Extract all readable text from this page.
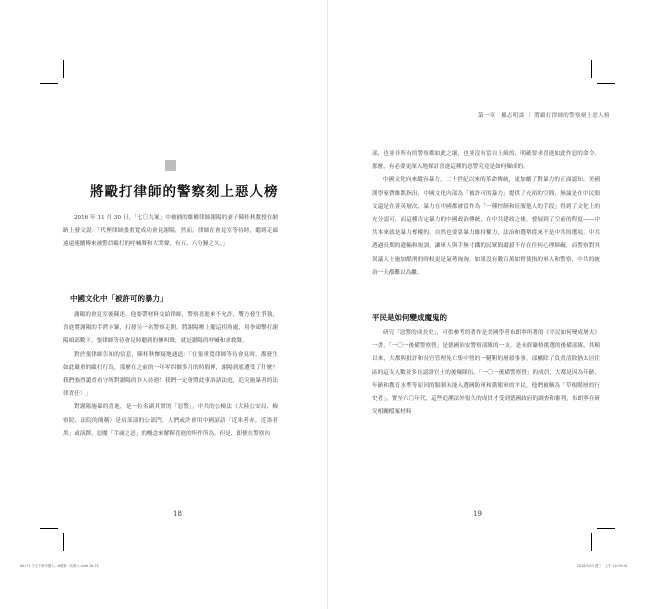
將毆打律師的警察刻上惡人榜

2016 年 11 月 30 日，「七〇九案」中被捕的維權律師謝陽的妻子陳桂秋教授在網路上發文說：「代理律師張重寬成功會見謝陽，然而，律師在會見室等待時，聽到走廊遠遠連續傳來被警員毆打的呼喊聲和大哭聲，有五、六分鐘之久。」

中國文化中「被許可的暴力」

謝陽的會見室後陳述，他要帶材料交給律師，警察喜進來不允許，雙方發生爭執，喜進將謝陽的手銬卡緊，打發另一名警察走開，將謝陽壓上擺這拐角處，用拳頭擊打謝陽頭部數下。張律師等待會見時聽到的慘叫聲，就是謝陽的呼喊和求救聲。

對於張律師告知的信息，陳桂秋懷疑地通道：「在張重寬律師等待會見時，都發生如此嚴重的毆打行為，那麼在之前的一年零四個多月的時間裡，謝陽到底遭受了什麼？我們強烈譴責看守所對謝陽的非人待遇！我們一定會將此事訴諸法庭，追究施暴者的法律責任！」

對謝陽施暴的喜進，是一位名副其實的「惡警」。中共的公檢法（大陸公安局、檢察院、法院的簡稱）是肩部部的公部門，人們或許會用中國諺語「近朱者赤，近墨者黑」或演繹、惡魔「手庸之惡」的概念來解釋喜進的所作所為。但是，即便在警察內

18
第一章　羅志明談 ｜ 將毆打律師的警察刻上惡人榜

部，也並非所有的警察都如此之壞，也並沒有當自上級的、明確要求喜進如此作惡的命令。那麼，有必要更深入地探討喜進這種的惡警究竟是如何煉成的。

中國文化向來縱容暴力，二十世紀以來的革命傳統，更加劇了對暴力的正面認知。美國漢學家費維凱指出，中國文化內部為「被許可的暴力」提供了充裕的空間，無論是在中民間文還是在菁英層次，暴力在中國都被當作為「一種控制和征服他人的手段」得到了文化上的充分認可，而這種否定暴力的中國政治傳統，在中共建政之後，發展到了空前的程度——中共本來就是暴力奪權的，自然也要靠暴力維持權力，法治和選舉從來不是中共的選項。中共透過長期的遺輸和規訓，讓軍人與手無寸鐵的民眾間肅殺不存在任何心理障礙，而警察對其異議人士施加酷刑的時候更是氣勢洶洶。如果沒有數百萬如臂使指的軍人和警察，中共的統治一天都難以為繼。

平民是如何變成魔鬼的

研究「惡警的成長史」，可供參考的著作是美國學者布朗寧所著的《平民如何變成屠夫》一書，「一〇一後備警察營」是德國治安警察部隊的一支，是未經嚴格挑選的後備部隊，其順以來，大都與批評和長官管理死亡集中營的一韃靼的屠殺事事，部屬除了負責清除猶太居住區的這支人數並多長認證官士的後爆隊伍。「一〇一後備警察營」的成員，大都是因為年齡、年齡和教育水準等原因的服制未能入選國防軍和黨衛軍的平民，他們被稱為「草根階層的行史者」。實至六〇年代，這些追溯法外很久的成員才受到德國政府的調查和審判，布朗寧在研究相關檔案材料

19
80173 今生不做中國人—6版第一次截入.indd 18-19	2018/5/23 週三　上午 10:39:20
